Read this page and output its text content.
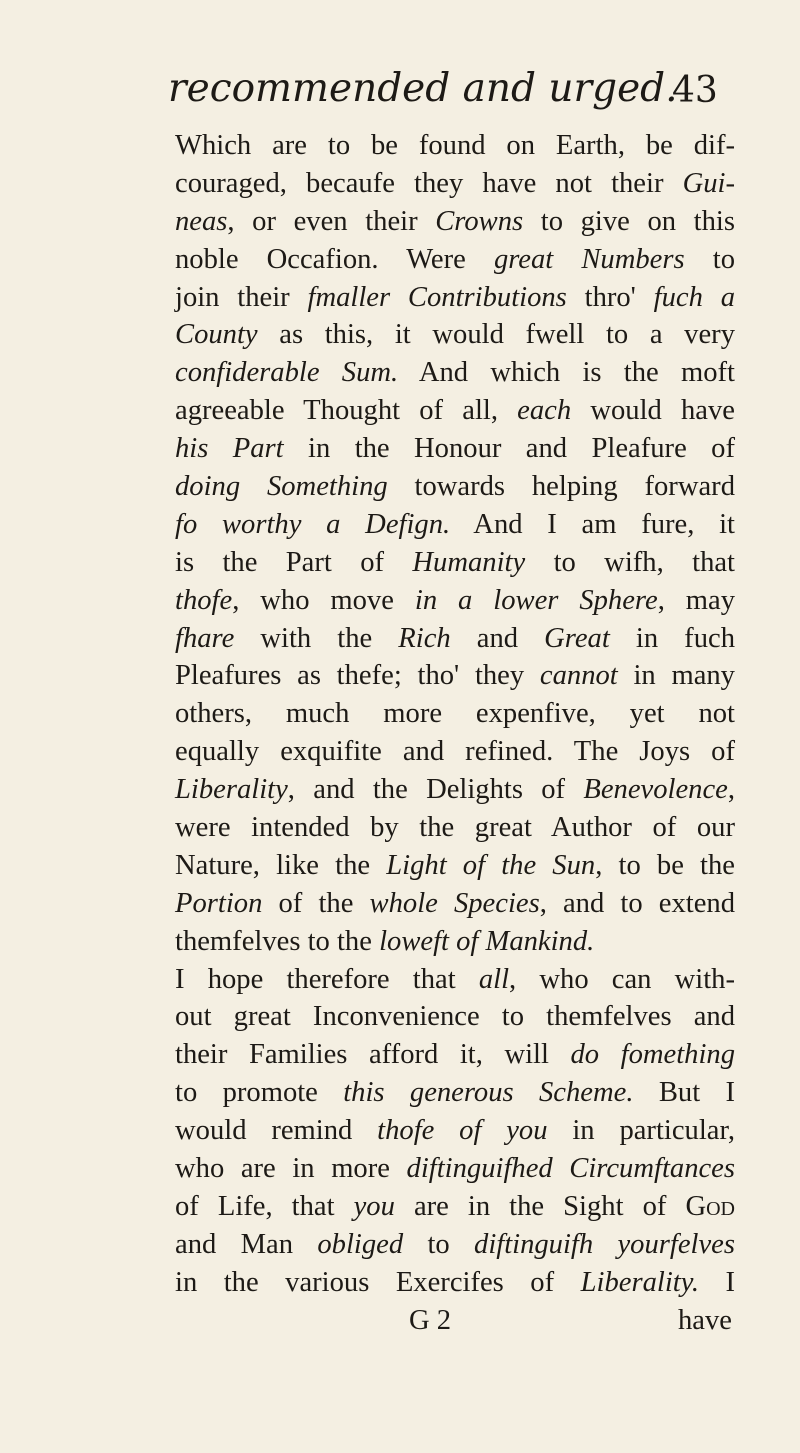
recommended and urged.
43
Which are to be found on Earth, be dif-
couraged, becaufe they have not their Gui-
neas, or even their Crowns to give on this
noble Occafion. Were great Numbers to
join their fmaller Contributions thro' fuch a
County as this, it would fwell to a very
confiderable Sum. And which is the moft
agreeable Thought of all, each would have
his Part in the Honour and Pleafure of
doing Something towards helping forward
fo worthy a Defign. And I am fure, it
is the Part of Humanity to wifh, that
thofe, who move in a lower Sphere, may
fhare with the Rich and Great in fuch
Pleafures as thefe; tho' they cannot in many
others, much more expenfive, yet not
equally exquifite and refined. The Joys of
Liberality, and the Delights of Benevolence,
were intended by the great Author of our
Nature, like the Light of the Sun, to be the
Portion of the whole Species, and to extend
themfelves to the loweft of Mankind.
I hope therefore that all, who can with-
out great Inconvenience to themfelves and
their Families afford it, will do fomething
to promote this generous Scheme. But I
would remind thofe of you in particular,
who are in more diftinguifhed Circumftances
of Life, that you are in the Sight of God
and Man obliged to diftinguifh yourfelves
in the various Exercifes of Liberality. I
G 2	have
